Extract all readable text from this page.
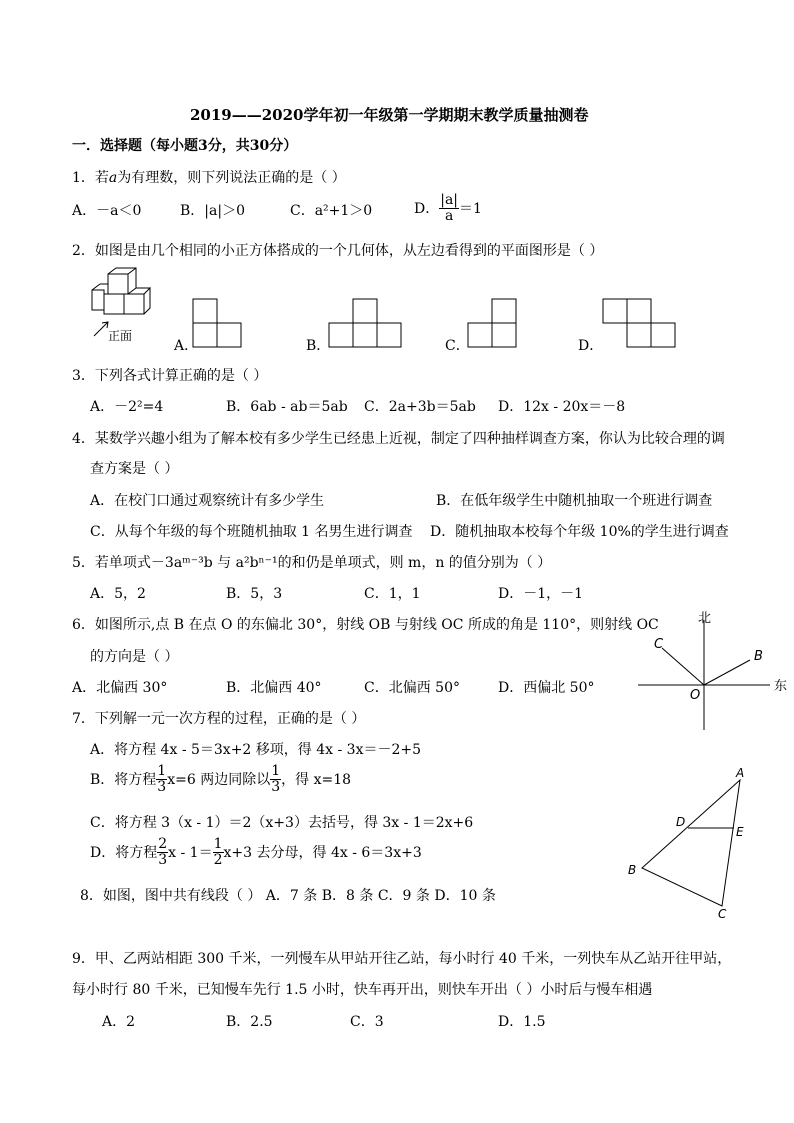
2019——2020学年初一年级第一学期期末教学质量抽测卷
一．选择题（每小题3分，共30分）
1．若a为有理数，则下列说法正确的是（ ）
A．－a＜0	B．|a|＞0	C．a²+1＞0	D． $\frac{|a|}{a} =1$
2．如图是由几个相同的小正方体搭成的一个几何体，从左边看得到的平面图形是（ ）
正面
A．	B．	C．	D．
3．下列各式计算正确的是（ ）
A．－2²=4	B．6ab - ab＝5ab C．2a+3b＝5ab D．12x - 20x＝－8
4．某数学兴趣小组为了解本校有多少学生已经患上近视，制定了四种抽样调查方案，你认为比较合理的调
查方案是（ ）
A．在校门口通过观察统计有多少学生	B．在低年级学生中随机抽取一个班进行调查
C．从每个年级的每个班随机抽取 1 名男生进行调查 D．随机抽取本校每个年级 10%的学生进行调查
5．若单项式－3aᵐ⁻³b 与 a²bⁿ⁻¹的和仍是单项式，则 m，n 的值分别为（ ）
A．5，2	B．5，3	C．1，1	D．－1，－1
6．如图所示,点 B 在点 O 的东偏北 30°，射线 OB 与射线 OC 所成的角是 110°，则射线 OC
的方向是（ ）
A．北偏西 30°	B．北偏西 40°	C．北偏西 50°	D．西偏北 50°
北
东
O
B
C
7．下列解一元一次方程的过程，正确的是（ ）
A．将方程 4x - 5＝3x+2 移项，得 4x - 3x＝－2+5
B．将方程 $\frac{1}{3} x=6$ 两边同除以 $\frac{1}{3}$ ，得 x=18
C．将方程 3（x - 1）＝2（x+3）去括号，得 3x - 1＝2x+6
D．将方程 $\frac{2}{3}$ $x - 1= \frac{1}{2} x+3$ 去分母，得 4x - 6＝3x+3
8．如图，图中共有线段（ ） A．7 条 B．8 条 C．9 条 D．10 条
A
B
C
D
E
9．甲、乙两站相距 300 千米，一列慢车从甲站开往乙站，每小时行 40 千米，一列快车从乙站开往甲站，
每小时行 80 千米，已知慢车先行 1.5 小时，快车再开出，则快车开出（ ）小时后与慢车相遇
A．2	B．2.5	C．3	D．1.5
